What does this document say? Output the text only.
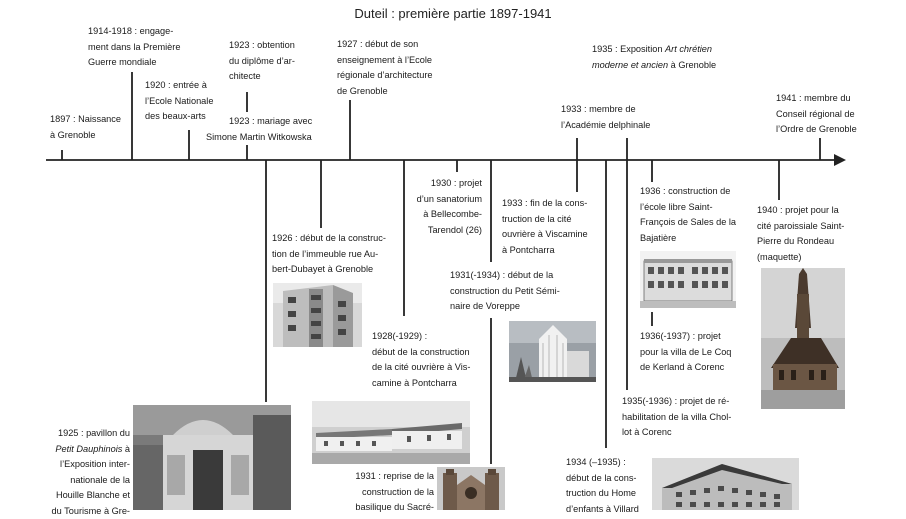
Duteil : première partie 1897-1941
1897 : Naissance
à Grenoble
1914-1918 : engage-
ment dans la Première
Guerre mondiale
1920 : entrée à
l’Ecole Nationale
des beaux-arts
1923 : obtention
du diplôme d’ar-
chitecte
1923 : mariage avec
Simone Martin Witkowska
1927 : début de son
enseignement à l’Ecole
régionale d’architecture
de Grenoble
1933 : membre de
l’Académie delphinale
1935 : Exposition Art chrétien
moderne et ancien à Grenoble
1941 : membre du
Conseil régional de
l’Ordre de Grenoble
1930 : projet
d’un sanatorium
à Bellecombe-
Tarendol (26)
1933 : fin de la cons-
truction de la cité
ouvrière à Viscamine
à Pontcharra
1936 : construction de
l’école libre Saint-
François de Sales de la
Bajatière
1940 : projet pour la
cité paroissiale Saint-
Pierre du Rondeau
(maquette)
1926 : début de la construc-
tion de l’immeuble rue Au-
bert-Dubayet à Grenoble
1931(-1934) : début de la
construction du Petit Sémi-
naire de Voreppe
1928(-1929) :
début de la construction
de la cité ouvrière à Vis-
camine à Pontcharra
1936(-1937) : projet
pour la villa de Le Coq
de Kerland à Corenc
1935(-1936) : projet de ré-
habilitation de la villa Chol-
lot à Corenc
1925 : pavillon du
Petit Dauphinois à
l’Exposition inter-
nationale de la
Houille Blanche et
du Tourisme à Gre-
1931 : reprise de la
construction de la
basilique du Sacré-
1934 (–1935) :
début de la cons-
truction du Home
d’enfants à Villard
